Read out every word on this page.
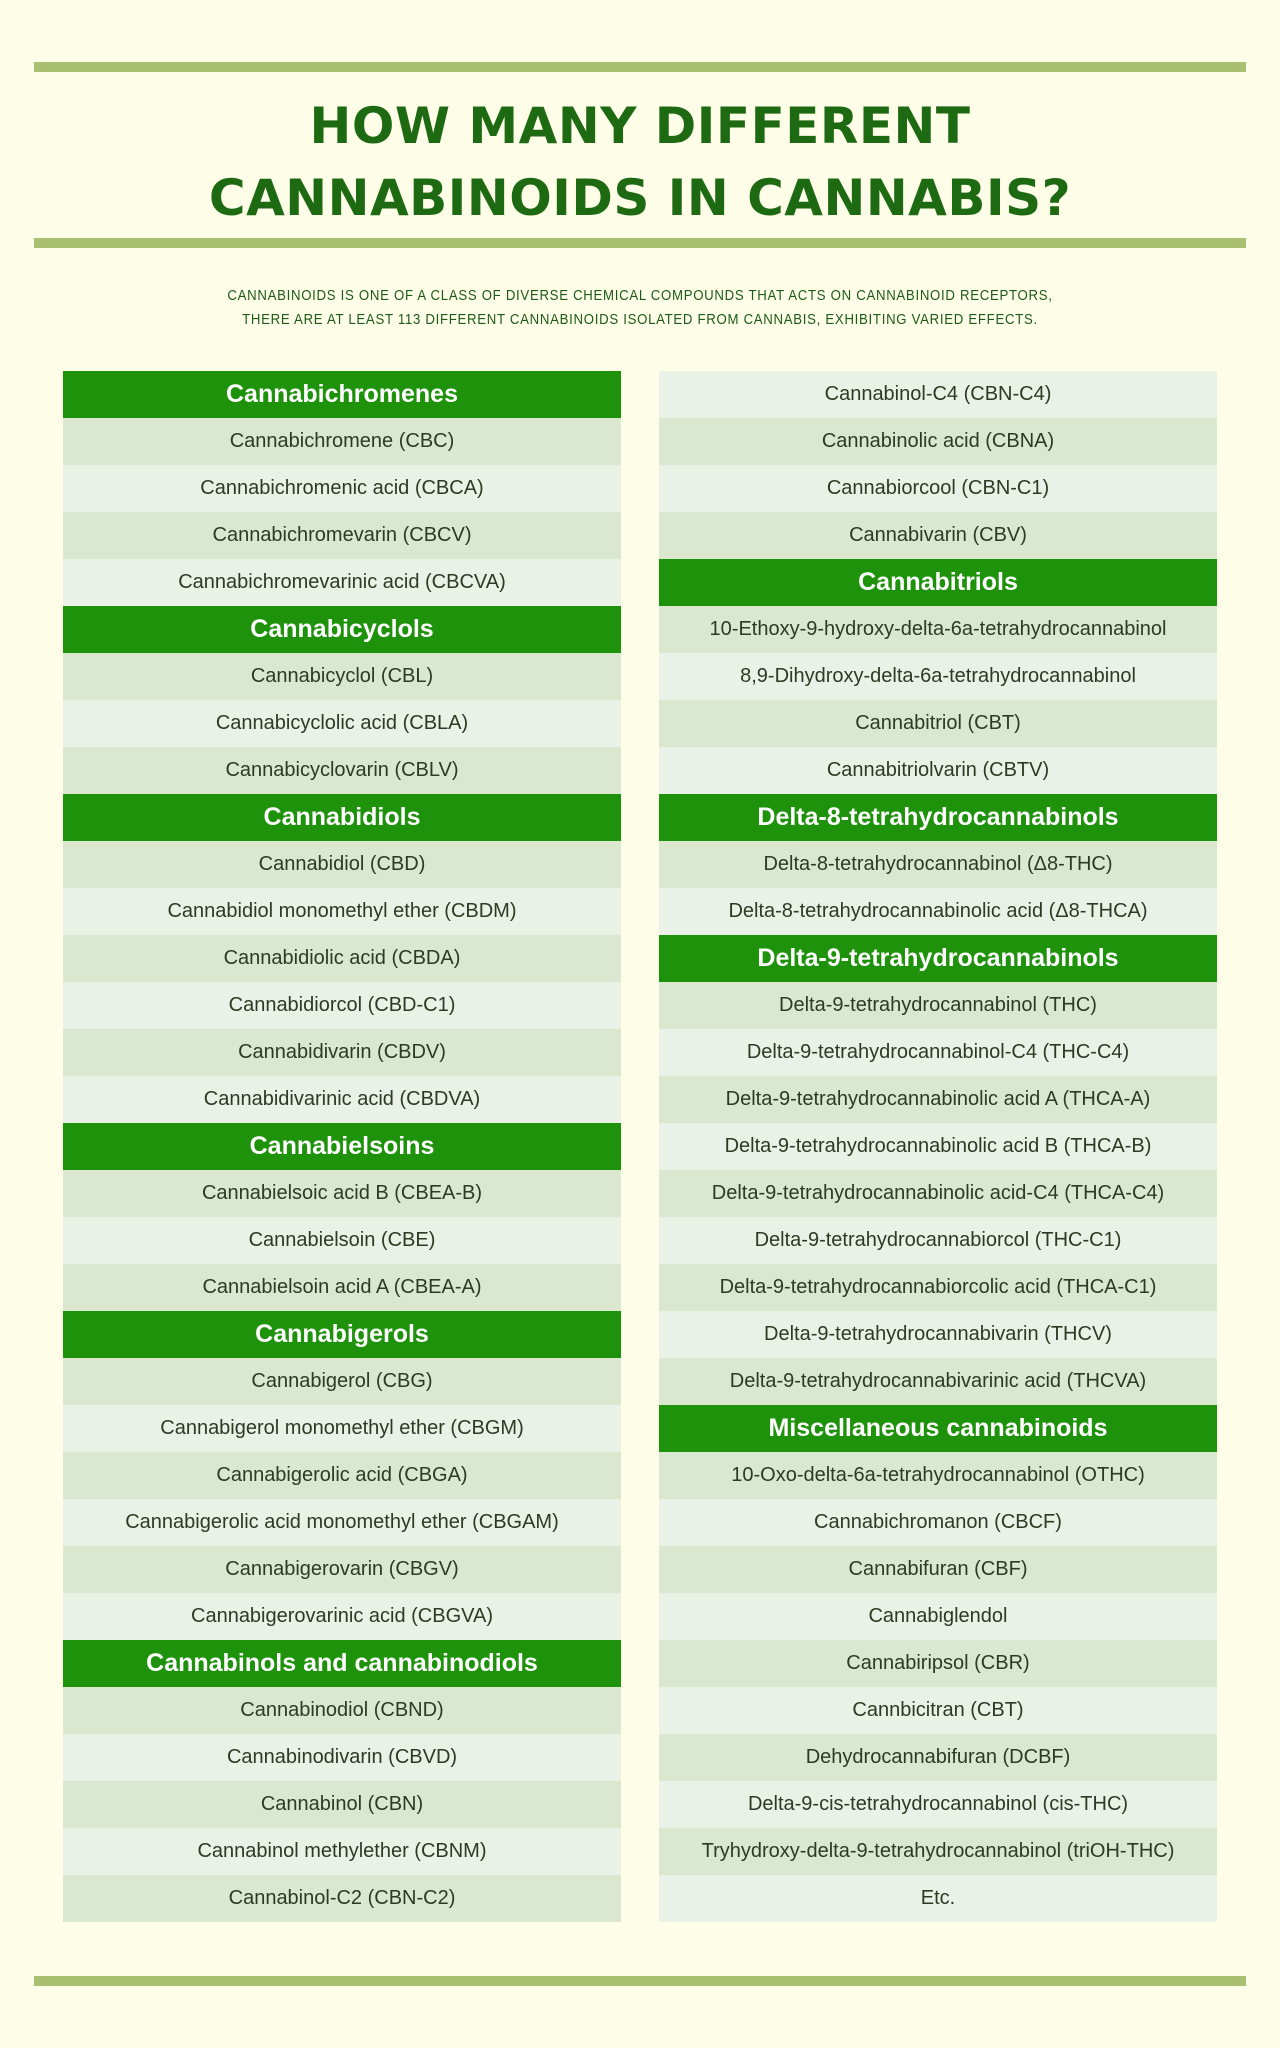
HOW MANY DIFFERENT
CANNABINOIDS IN CANNABIS?
CANNABINOIDS IS ONE OF A CLASS OF DIVERSE CHEMICAL COMPOUNDS THAT ACTS ON CANNABINOID RECEPTORS,
THERE ARE AT LEAST 113 DIFFERENT CANNABINOIDS ISOLATED FROM CANNABIS, EXHIBITING VARIED EFFECTS.
Cannabichromenes
Cannabichromene (CBC)
Cannabichromenic acid (CBCA)
Cannabichromevarin (CBCV)
Cannabichromevarinic acid (CBCVA)
Cannabicyclols
Cannabicyclol (CBL)
Cannabicyclolic acid (CBLA)
Cannabicyclovarin (CBLV)
Cannabidiols
Cannabidiol (CBD)
Cannabidiol monomethyl ether (CBDM)
Cannabidiolic acid (CBDA)
Cannabidiorcol (CBD-C1)
Cannabidivarin (CBDV)
Cannabidivarinic acid (CBDVA)
Cannabielsoins
Cannabielsoic acid B (CBEA-B)
Cannabielsoin (CBE)
Cannabielsoin acid A (CBEA-A)
Cannabigerols
Cannabigerol (CBG)
Cannabigerol monomethyl ether (CBGM)
Cannabigerolic acid (CBGA)
Cannabigerolic acid monomethyl ether (CBGAM)
Cannabigerovarin (CBGV)
Cannabigerovarinic acid (CBGVA)
Cannabinols and cannabinodiols
Cannabinodiol (CBND)
Cannabinodivarin (CBVD)
Cannabinol (CBN)
Cannabinol methylether (CBNM)
Cannabinol-C2 (CBN-C2)
Cannabinol-C4 (CBN-C4)
Cannabinolic acid (CBNA)
Cannabiorcool (CBN-C1)
Cannabivarin (CBV)
Cannabitriols
10-Ethoxy-9-hydroxy-delta-6a-tetrahydrocannabinol
8,9-Dihydroxy-delta-6a-tetrahydrocannabinol
Cannabitriol (CBT)
Cannabitriolvarin (CBTV)
Delta-8-tetrahydrocannabinols
Delta-8-tetrahydrocannabinol (Δ8-THC)
Delta-8-tetrahydrocannabinolic acid (Δ8-THCA)
Delta-9-tetrahydrocannabinols
Delta-9-tetrahydrocannabinol (THC)
Delta-9-tetrahydrocannabinol-C4 (THC-C4)
Delta-9-tetrahydrocannabinolic acid A (THCA-A)
Delta-9-tetrahydrocannabinolic acid B (THCA-B)
Delta-9-tetrahydrocannabinolic acid-C4 (THCA-C4)
Delta-9-tetrahydrocannabiorcol (THC-C1)
Delta-9-tetrahydrocannabiorcolic acid (THCA-C1)
Delta-9-tetrahydrocannabivarin (THCV)
Delta-9-tetrahydrocannabivarinic acid (THCVA)
Miscellaneous cannabinoids
10-Oxo-delta-6a-tetrahydrocannabinol (OTHC)
Cannabichromanon (CBCF)
Cannabifuran (CBF)
Cannabiglendol
Cannabiripsol (CBR)
Cannbicitran (CBT)
Dehydrocannabifuran (DCBF)
Delta-9-cis-tetrahydrocannabinol (cis-THC)
Tryhydroxy-delta-9-tetrahydrocannabinol (triOH-THC)
Etc.
